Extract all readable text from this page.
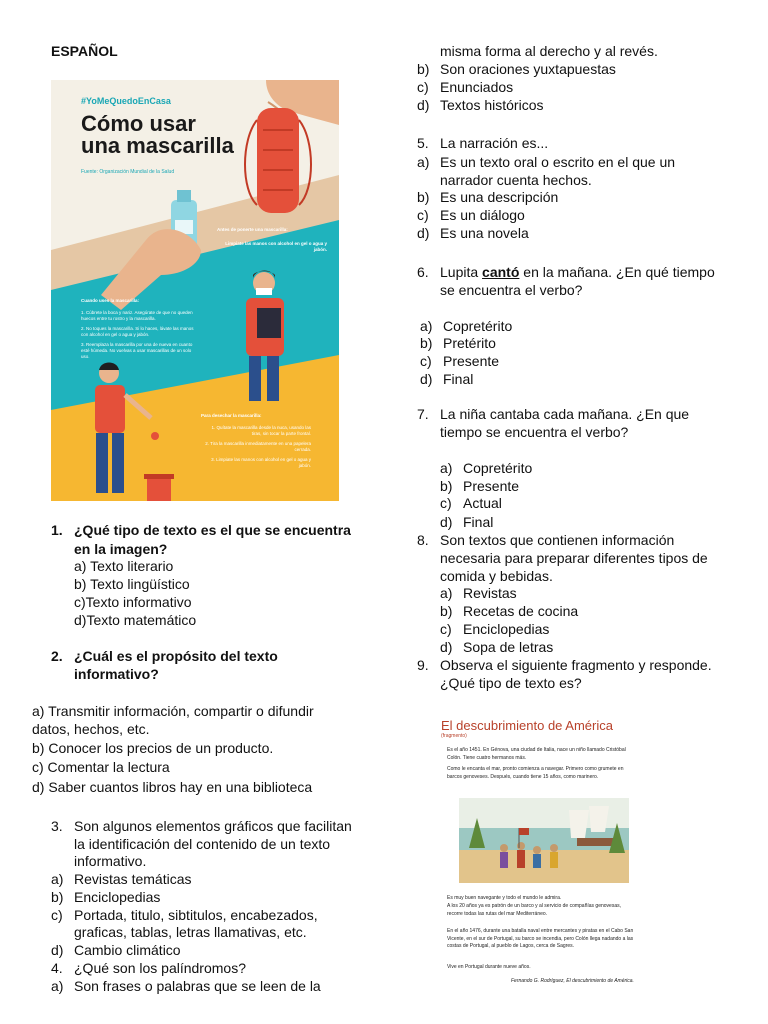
ESPAÑOL
#YoMeQuedoEnCasa
Cómo usar
una mascarilla
Fuente: Organización Mundial de la Salud
Antes de ponerte una mascarilla:
Limpiate las manos con alcohol en gel o agua y jabón.
Cuando uses la mascarilla:
1. Cúbrete la boca y nariz. Asegúrate de que no queden huecos entre tu rostro y la mascarilla.
2. No toques la mascarilla. Si lo haces, lávate las manos con alcohol en gel o agua y jabón.
3. Reemplaza la mascarilla por una de nueva en cuanto esté húmeda. No vuelvas a usar mascarillas de un solo uso.
Para desechar la mascarilla:
1. Quítate la mascarilla desde la nuca, usando las tiras, sin tocar la parte frontal.
2. Tira la mascarilla inmediatamente en una papelera cerrada.
3. Limpiate las manos con alcohol en gel o agua y jabón.
1. ¿Qué tipo de texto es el que se encuentra
en la imagen?
a) Texto literario
b) Texto lingüístico
c)Texto informativo
d)Texto matemático
2. ¿Cuál es el propósito del texto
informativo?
a) Transmitir información, compartir o difundir
datos, hechos, etc.
b) Conocer los precios de un producto.
c) Comentar la lectura
d) Saber cuantos libros hay en una biblioteca
3. Son algunos elementos gráficos que facilitan
la identificación del contenido de un texto
informativo.
a) Revistas temáticas
b) Enciclopedias
c) Portada, titulo, sibtitulos, encabezados,
graficas, tablas, letras llamativas, etc.
d) Cambio climático
4. ¿Qué son los palíndromos?
a) Son frases o palabras que se leen de la
misma forma al derecho y al revés.
b) Son oraciones yuxtapuestas
c) Enunciados
d) Textos históricos
5. La narración es...
a) Es un texto oral o escrito en el que un
narrador cuenta hechos.
b) Es una descripción
c) Es un diálogo
d) Es una novela
6. Lupita cantó en la mañana. ¿En qué tiempo
se encuentra el verbo?
a) Copretérito
b) Pretérito
c) Presente
d) Final
7. La niña cantaba cada mañana. ¿En que
tiempo se encuentra el verbo?
a) Copretérito
b) Presente
c) Actual
d) Final
8. Son textos que contienen información
necesaria para preparar diferentes tipos de
comida y bebidas.
a) Revistas
b) Recetas de cocina
c) Enciclopedias
d) Sopa de letras
9. Observa el siguiente fragmento y responde.
¿Qué tipo de texto es?
El descubrimiento de América
(fragmento)
Es el año 1451. En Génova, una ciudad de Italia, nace un niño llamado Cristóbal Colón. Tiene cuatro hermanos más.
Como le encanta el mar, pronto comienza a navegar. Primero como grumete en barcos genoveses. Después, cuando tiene 15 años, como marinero.
Es muy buen navegante y todo el mundo le admira.
A los 20 años ya es patrón de un barco y al servicio de compañías genovesas, recorre todas las rutas del mar Mediterráneo.
En el año 1476, durante una batalla naval entre mercantes y piratas en el Cabo San Vicente, en el sur de Portugal, su barco se incendia, pero Colón llega nadando a las costas de Portugal, al pueblo de Lagos, cerca de Sagres.
Vive en Portugal durante nueve años.
Fernando G. Rodríguez, El descubrimiento de América.
